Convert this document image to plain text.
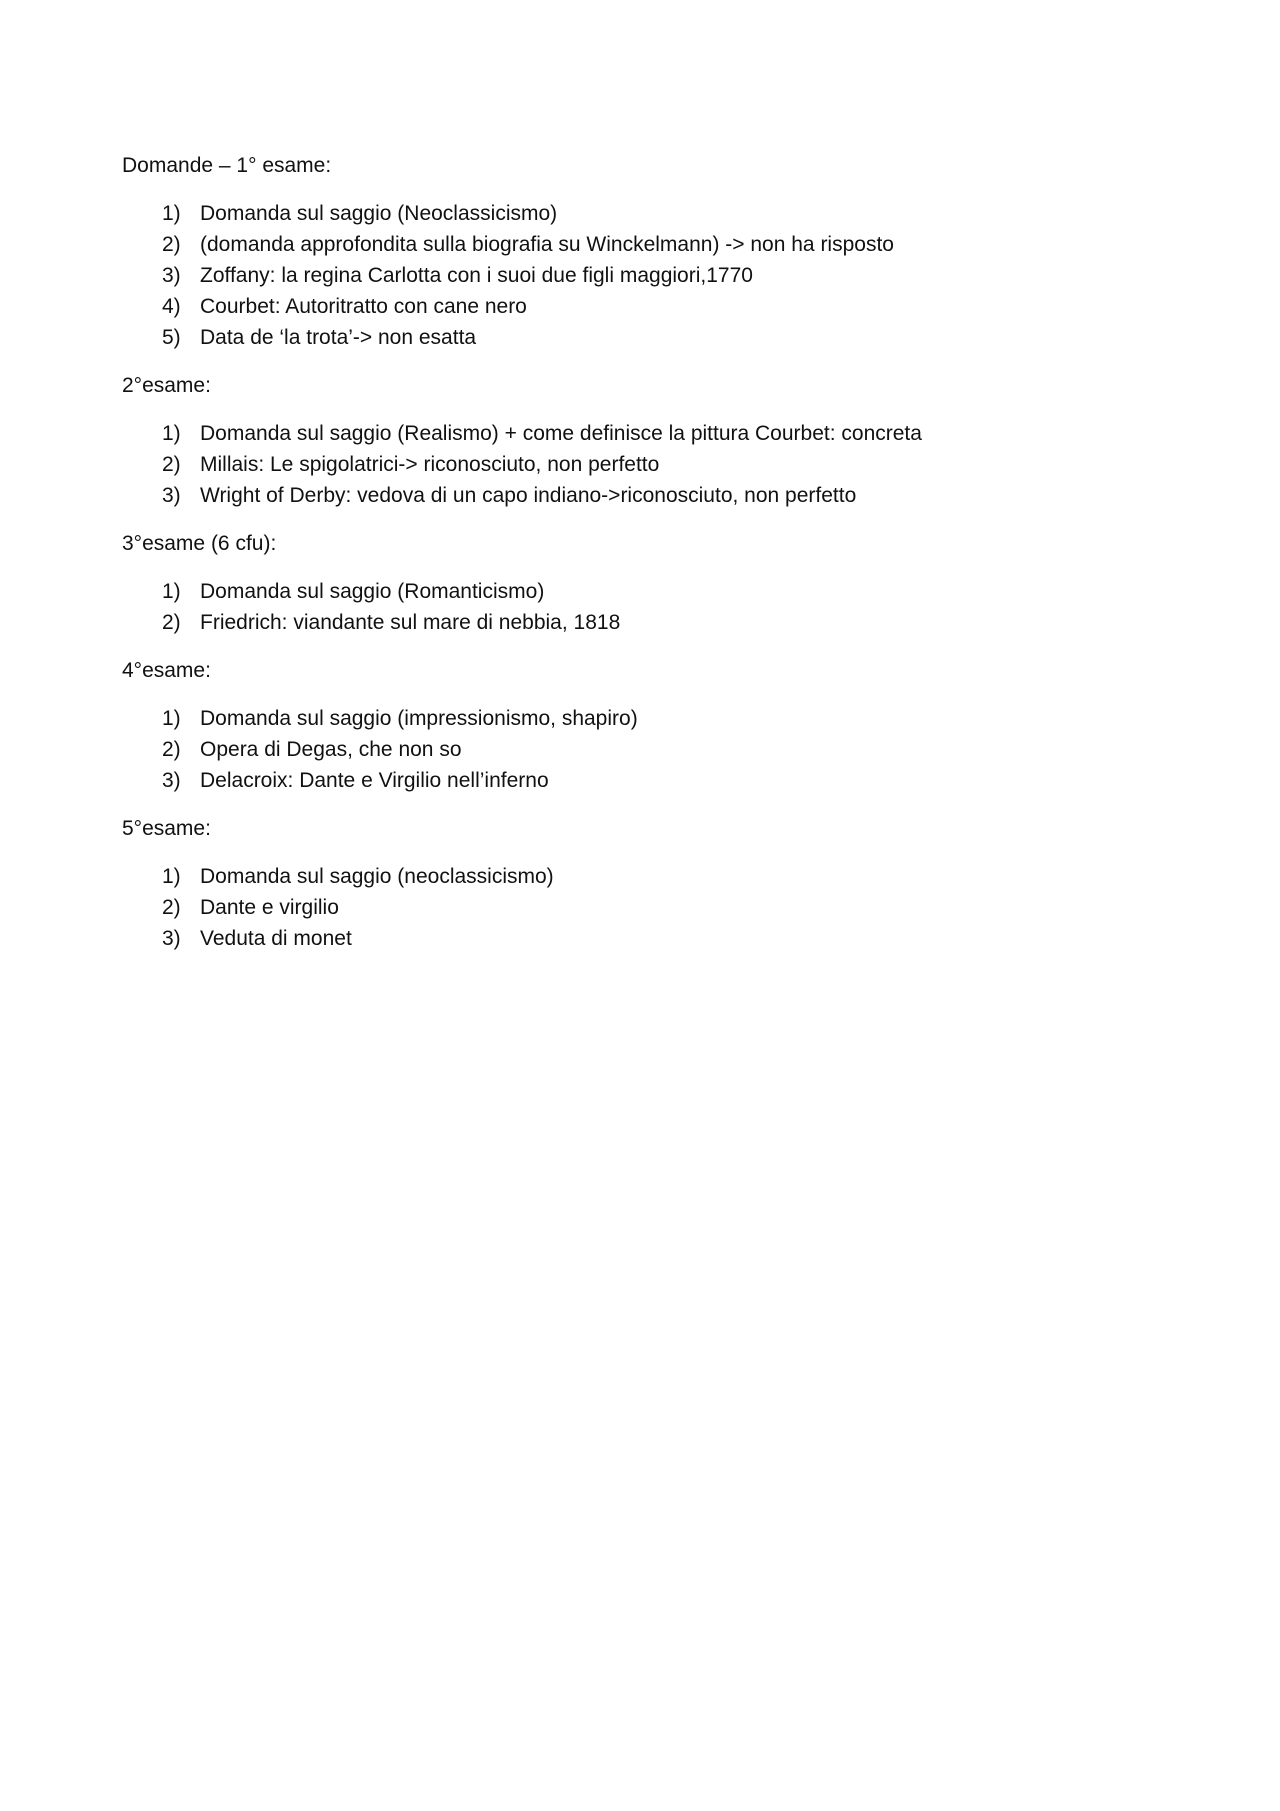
Domande – 1° esame:

1) Domanda sul saggio (Neoclassicismo)
2) (domanda approfondita sulla biografia su Winckelmann) -> non ha risposto
3) Zoffany: la regina Carlotta con i suoi due figli maggiori,1770
4) Courbet: Autoritratto con cane nero
5) Data de ‘la trota’-> non esatta

2°esame:

1) Domanda sul saggio (Realismo) + come definisce la pittura Courbet: concreta
2) Millais: Le spigolatrici-> riconosciuto, non perfetto
3) Wright of Derby: vedova di un capo indiano->riconosciuto, non perfetto

3°esame (6 cfu):

1) Domanda sul saggio (Romanticismo)
2) Friedrich: viandante sul mare di nebbia, 1818

4°esame:

1) Domanda sul saggio (impressionismo, shapiro)
2) Opera di Degas, che non so
3) Delacroix: Dante e Virgilio nell’inferno

5°esame:

1) Domanda sul saggio (neoclassicismo)
2) Dante e virgilio
3) Veduta di monet
